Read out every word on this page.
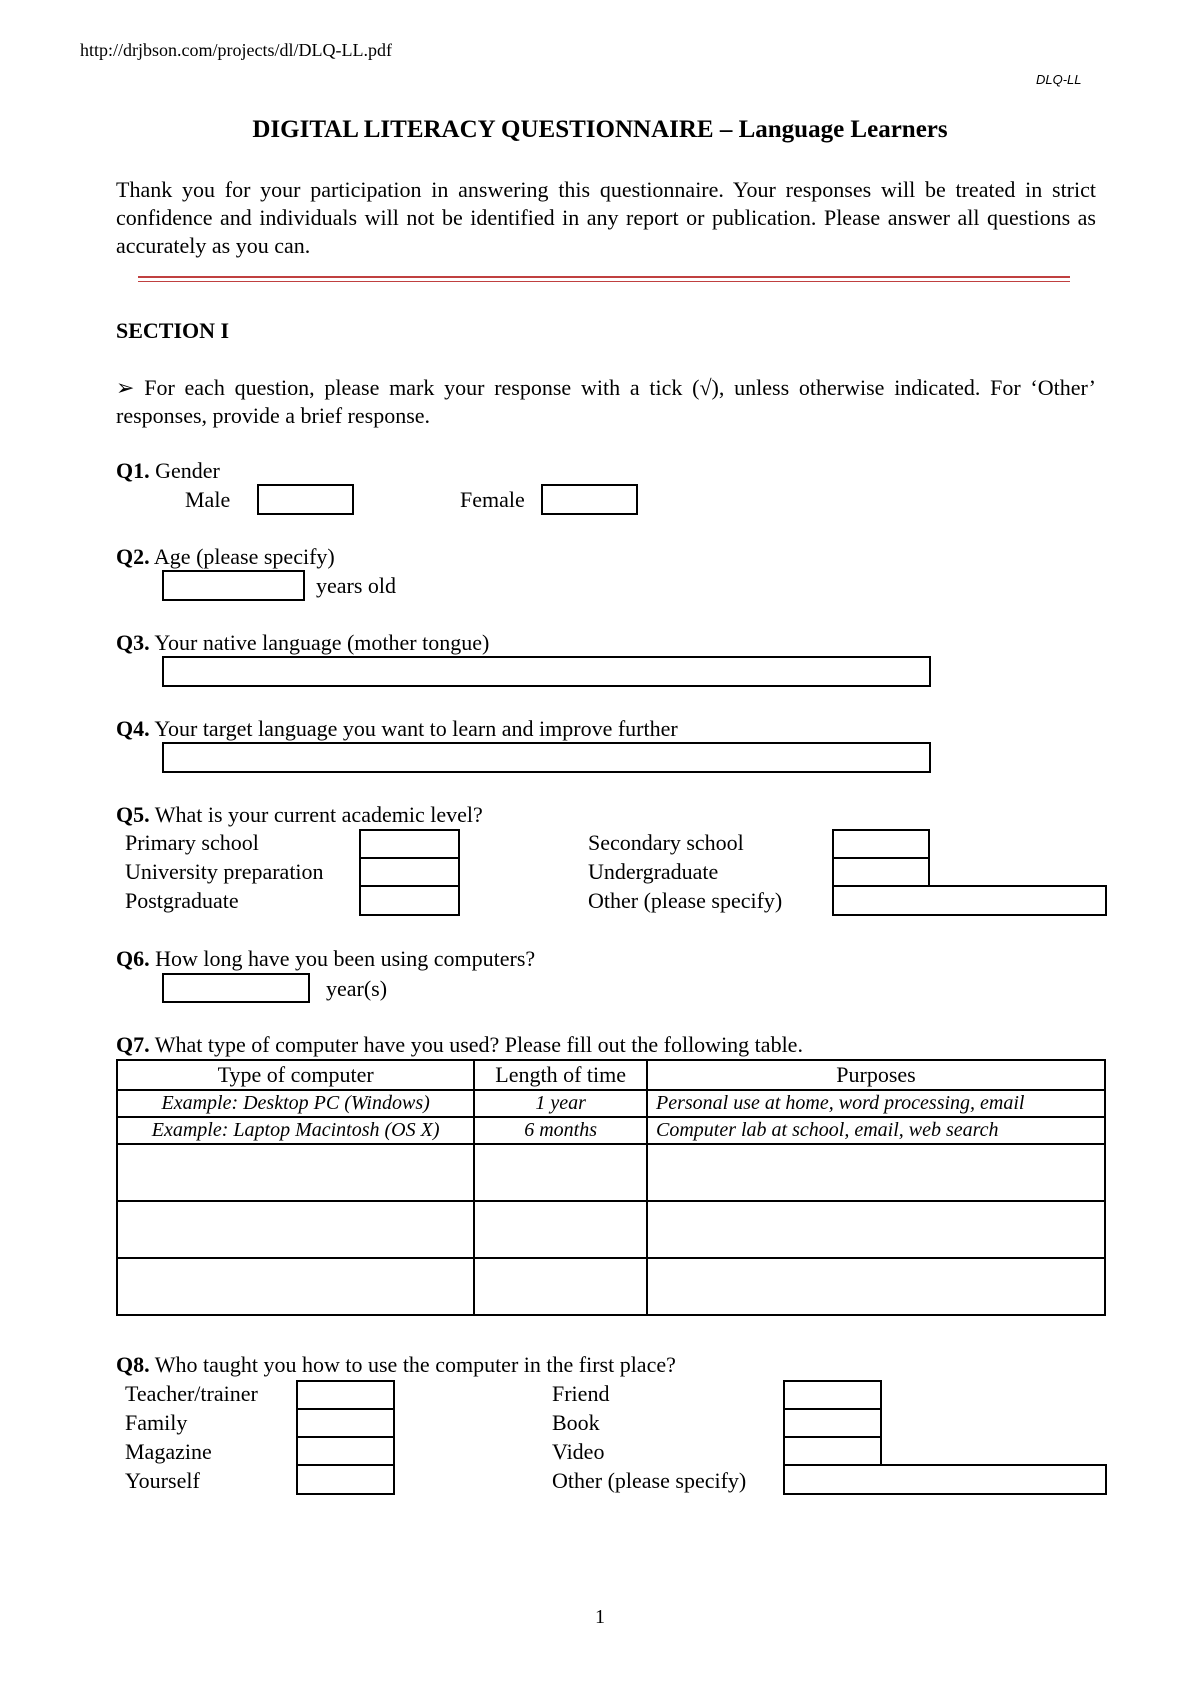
http://drjbson.com/projects/dl/DLQ-LL.pdf
DLQ-LL
DIGITAL LITERACY QUESTIONNAIRE – Language Learners
Thank you for your participation in answering this questionnaire. Your responses will be treated in strict confidence and individuals will not be identified in any report or publication. Please answer all questions as accurately as you can.
SECTION I
➢ For each question, please mark your response with a tick (√), unless otherwise indicated. For ‘Other’ responses, provide a brief response.
Q1. Gender
Male	Female
Q2. Age (please specify)
years old
Q3. Your native language (mother tongue)
Q4. Your target language you want to learn and improve further
Q5. What is your current academic level?
Primary school
University preparation
Postgraduate
Secondary school
Undergraduate
Other (please specify)
Q6. How long have you been using computers?
year(s)
Q7. What type of computer have you used? Please fill out the following table.
Type of computer	Length of time	Purposes
Example: Desktop PC (Windows)	1 year	Personal use at home, word processing, email
Example: Laptop Macintosh (OS X)	6 months	Computer lab at school, email, web search

Q8. Who taught you how to use the computer in the first place?
Teacher/trainer
Family
Magazine
Yourself
Friend
Book
Video
Other (please specify)
1
